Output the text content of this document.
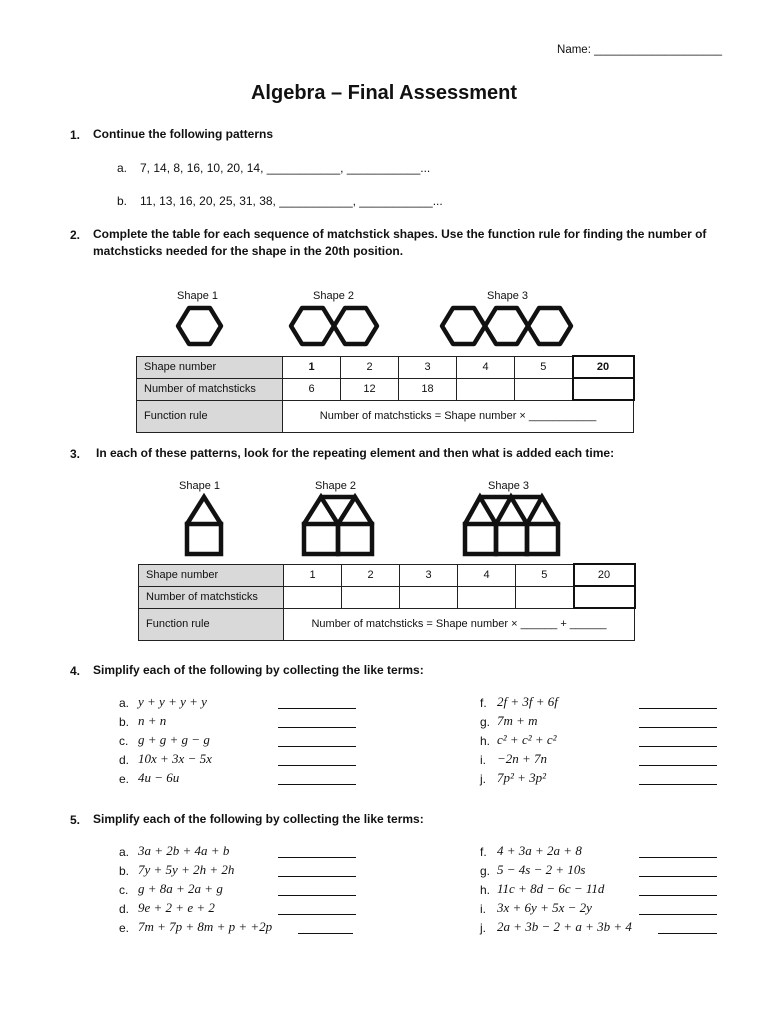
Name: ____________________
Algebra – Final Assessment
1. Continue the following patterns
a. 7, 14, 8, 16, 10, 20, 14, ___________, ___________...
b. 11, 13, 16, 20, 25, 31, 38, ___________, ___________...
2. Complete the table for each sequence of matchstick shapes. Use the function rule for finding the number of matchsticks needed for the shape in the 20th position.
Shape 1	Shape 2	Shape 3
Shape number	1	2	3	4	5	20
Number of matchsticks	6	12	18			
Function rule	Number of matchsticks = Shape number × ___________					
3. In each of these patterns, look for the repeating element and then what is added each time:
Shape 1	Shape 2	Shape 3
Shape number	1	2	3	4	5	20
Number of matchsticks						
Function rule	Number of matchsticks = Shape number × ______ + ______					
4. Simplify each of the following by collecting the like terms:
a. y + y + y + y
b. n + n
c. g + g + g − g
d. 10x + 3x − 5x
e. 4u − 6u
f. 2f + 3f + 6f
g. 7m + m
h. c² + c² + c²
i. −2n + 7n
j. 7p² + 3p²
5. Simplify each of the following by collecting the like terms:
a. 3a + 2b + 4a + b
b. 7y + 5y + 2h + 2h
c. g + 8a + 2a + g
d. 9e + 2 + e + 2
e. 7m + 7p + 8m + p + +2p
f. 4 + 3a + 2a + 8
g. 5 − 4s − 2 + 10s
h. 11c + 8d − 6c − 11d
i. 3x + 6y + 5x − 2y
j. 2a + 3b − 2 + a + 3b + 4
